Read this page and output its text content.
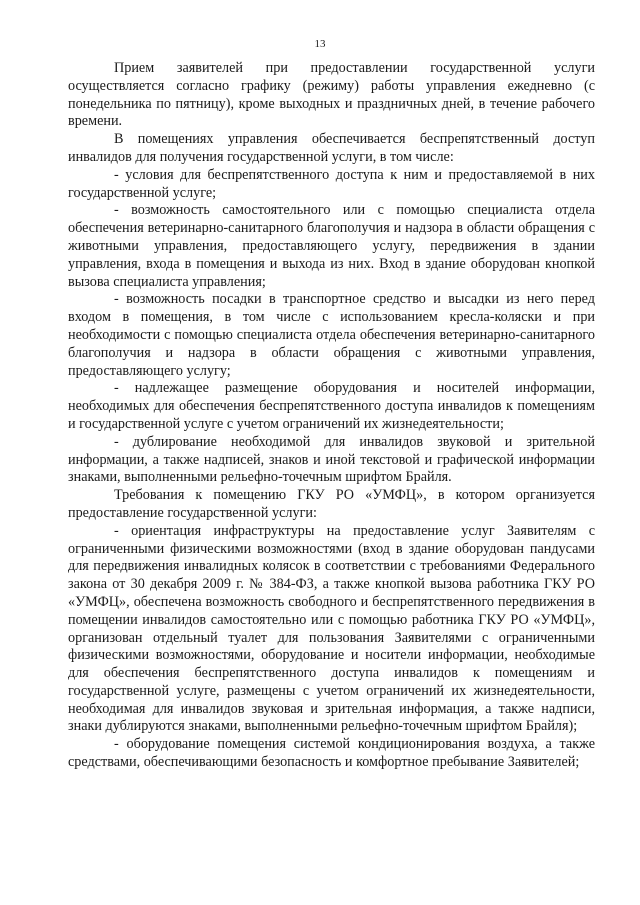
13

Прием заявителей при предоставлении государственной услуги осуществляется согласно графику (режиму) работы управления ежедневно (с понедельника по пятницу), кроме выходных и праздничных дней, в течение рабочего времени.

В помещениях управления обеспечивается беспрепятственный доступ инвалидов для получения государственной услуги, в том числе:

- условия для беспрепятственного доступа к ним и предоставляемой в них государственной услуге;

- возможность самостоятельного или с помощью специалиста отдела обеспечения ветеринарно-санитарного благополучия и надзора в области обращения с животными управления, предоставляющего услугу, передвижения в здании управления, входа в помещения и выхода из них. Вход в здание оборудован кнопкой вызова специалиста управления;

- возможность посадки в транспортное средство и высадки из него перед входом в помещения, в том числе с использованием кресла-коляски и при необходимости с помощью специалиста отдела обеспечения ветеринарно-санитарного благополучия и надзора в области обращения с животными управления, предоставляющего услугу;

- надлежащее размещение оборудования и носителей информации, необходимых для обеспечения беспрепятственного доступа инвалидов к помещениям и государственной услуге с учетом ограничений их жизнедеятельности;

- дублирование необходимой для инвалидов звуковой и зрительной информации, а также надписей, знаков и иной текстовой и графической информации знаками, выполненными рельефно-точечным шрифтом Брайля.

Требования к помещению ГКУ РО «УМФЦ», в котором организуется предоставление государственной услуги:

- ориентация инфраструктуры на предоставление услуг Заявителям с ограниченными физическими возможностями (вход в здание оборудован пандусами для передвижения инвалидных колясок в соответствии с требованиями Федерального закона от 30 декабря 2009 г. № 384-ФЗ, а также кнопкой вызова работника ГКУ РО «УМФЦ», обеспечена возможность свободного и беспрепятственного передвижения в помещении инвалидов самостоятельно или с помощью работника ГКУ РО «УМФЦ», организован отдельный туалет для пользования Заявителями с ограниченными физическими возможностями, оборудование и носители информации, необходимые для обеспечения беспрепятственного доступа инвалидов к помещениям и государственной услуге, размещены с учетом ограничений их жизнедеятельности, необходимая для инвалидов звуковая и зрительная информация, а также надписи, знаки дублируются знаками, выполненными рельефно-точечным шрифтом Брайля);

- оборудование помещения системой кондиционирования воздуха, а также средствами, обеспечивающими безопасность и комфортное пребывание Заявителей;
